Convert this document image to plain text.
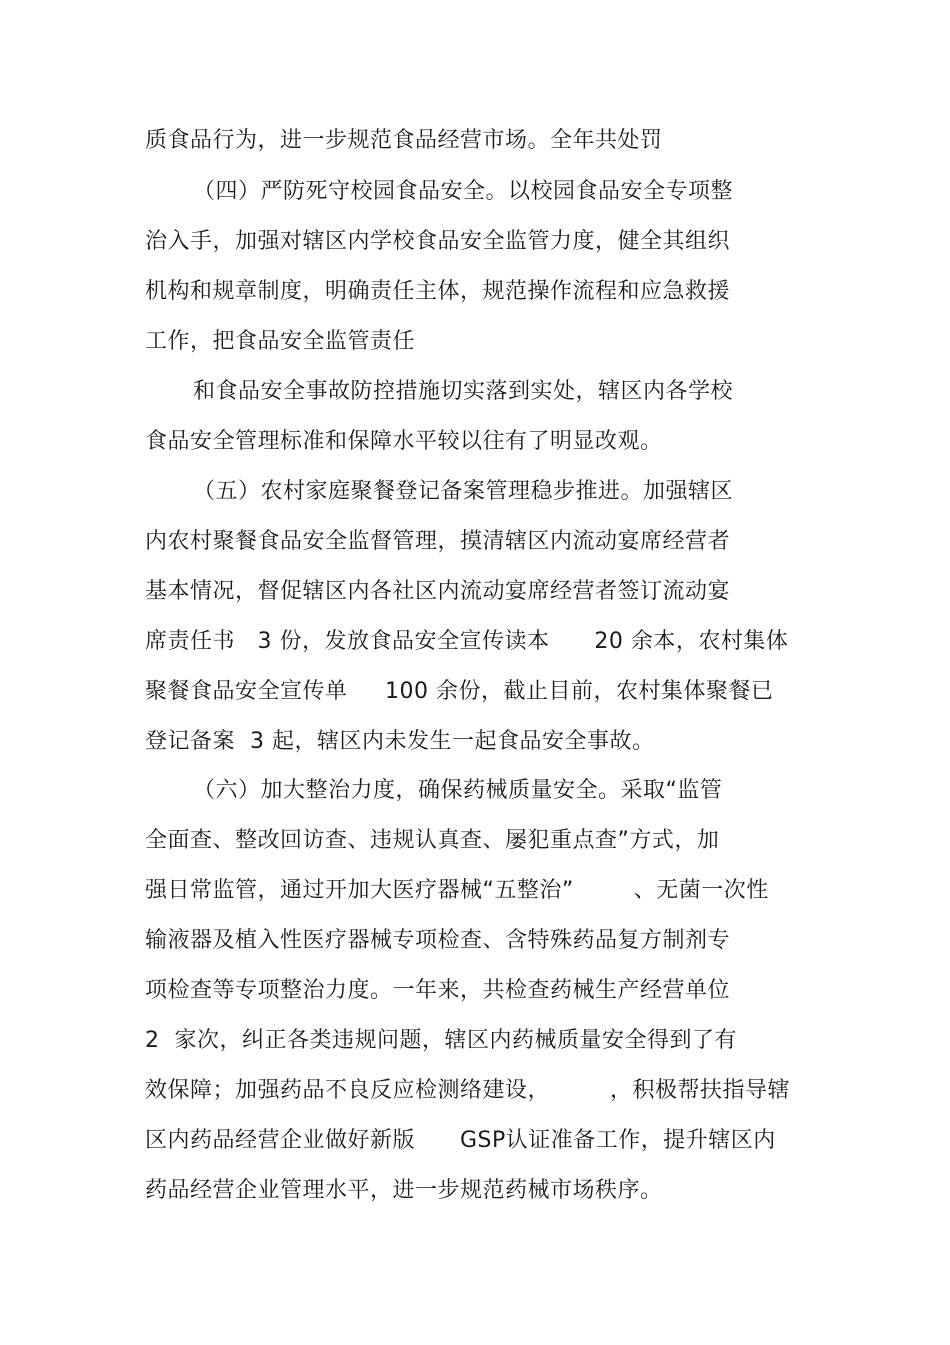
质食品行为，进一步规范食品经营市场。全年共处罚
（四）严防死守校园食品安全。以校园食品安全专项整
治入手，加强对辖区内学校食品安全监管力度，健全其组织
机构和规章制度，明确责任主体，规范操作流程和应急救援
工作，把食品安全监管责任
和食品安全事故防控措施切实落到实处，辖区内各学校
食品安全管理标准和保障水平较以往有了明显改观。
（五）农村家庭聚餐登记备案管理稳步推进。加强辖区
内农村聚餐食品安全监督管理，摸清辖区内流动宴席经营者
基本情况，督促辖区内各社区内流动宴席经营者签订流动宴
席责任书   3 份，发放食品安全宣传读本      20 余本，农村集体
聚餐食品安全宣传单     100 余份，截止目前，农村集体聚餐已
登记备案  3 起，辖区内未发生一起食品安全事故。
（六）加大整治力度，确保药械质量安全。采取“监管
全面查、整改回访查、违规认真查、屡犯重点查”方式，加
强日常监管，通过开加大医疗器械“五整治”        、无菌一次性
输液器及植入性医疗器械专项检查、含特殊药品复方制剂专
项检查等专项整治力度。一年来，共检查药械生产经营单位
2  家次，纠正各类违规问题，辖区内药械质量安全得到了有
效保障；加强药品不良反应检测络建设，        ，积极帮扶指导辖
区内药品经营企业做好新版      GSP认证准备工作，提升辖区内
药品经营企业管理水平，进一步规范药械市场秩序。
